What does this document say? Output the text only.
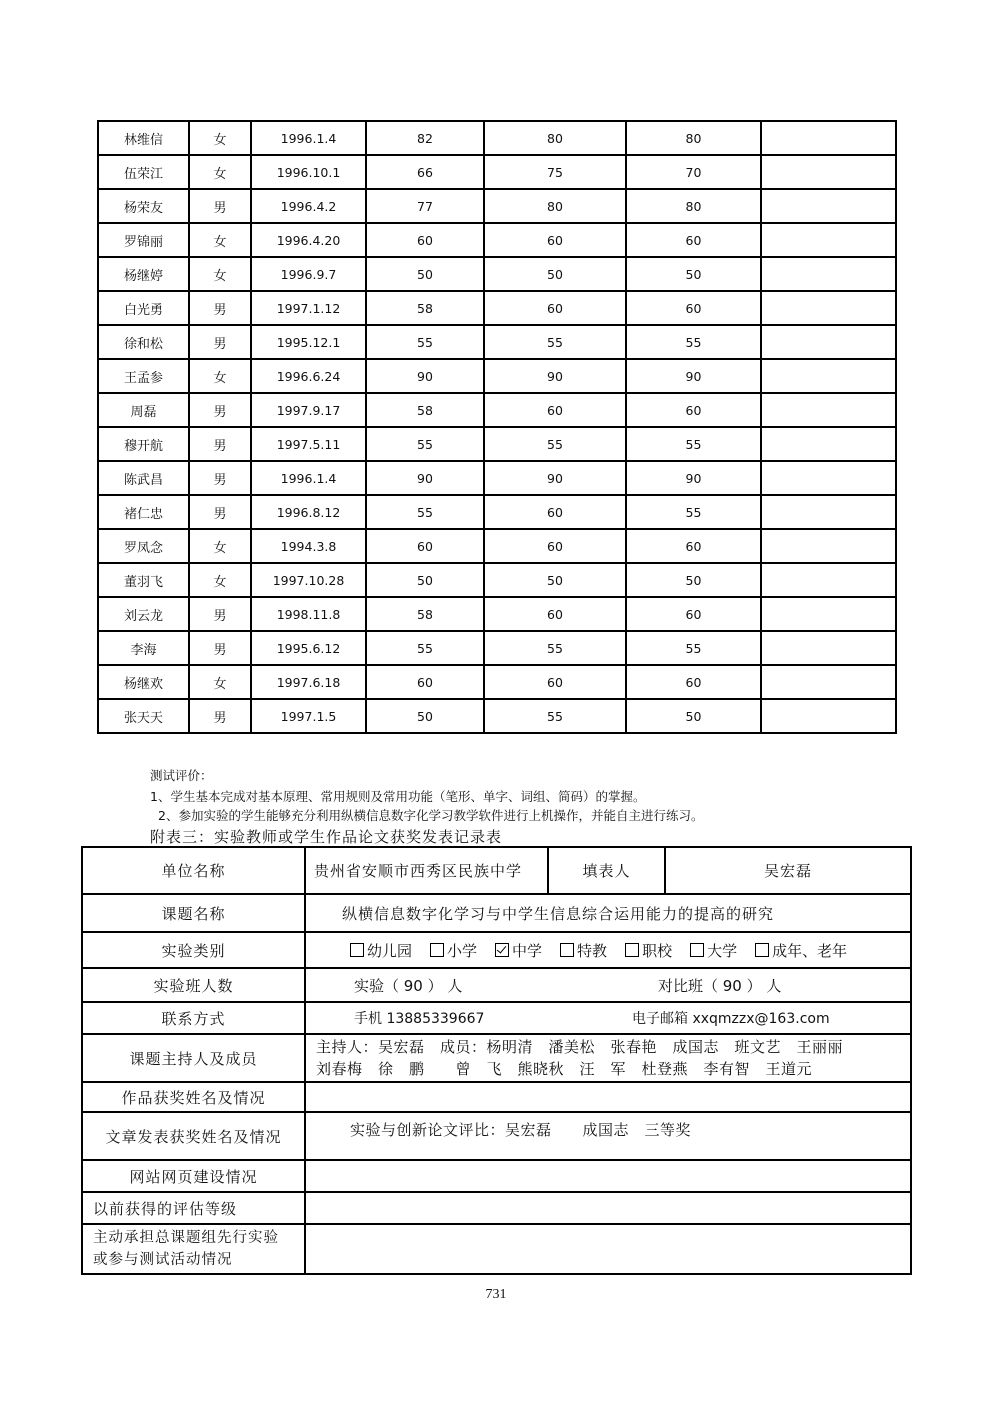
林维信	女	1996.1.4	82	80	80	
伍荣江	女	1996.10.1	66	75	70	
杨荣友	男	1996.4.2	77	80	80	
罗锦丽	女	1996.4.20	60	60	60	
杨继婷	女	1996.9.7	50	50	50	
白光勇	男	1997.1.12	58	60	60	
徐和松	男	1995.12.1	55	55	55	
王孟参	女	1996.6.24	90	90	90	
周磊	男	1997.9.17	58	60	60	
穆开航	男	1997.5.11	55	55	55	
陈武昌	男	1996.1.4	90	90	90	
褚仁忠	男	1996.8.12	55	60	55	
罗凤念	女	1994.3.8	60	60	60	
董羽飞	女	1997.10.28	50	50	50	
刘云龙	男	1998.11.8	58	60	60	
李海	男	1995.6.12	55	55	55	
杨继欢	女	1997.6.18	60	60	60	
张天天	男	1997.1.5	50	55	50	
测试评价：
1、学生基本完成对基本原理、常用规则及常用功能（笔形、单字、词组、简码）的掌握。
2、参加实验的学生能够充分利用纵横信息数字化学习教学软件进行上机操作，并能自主进行练习。
附表三：实验教师或学生作品论文获奖发表记录表
单位名称	贵州省安顺市西秀区民族中学	填表人	吴宏磊
课题名称	纵横信息数字化学习与中学生信息综合运用能力的提高的研究		
实验类别	幼儿园 小学 中学 特教 职校 大学 成年、老年		
实验班人数	实验（ 90 ） 人 对比班（ 90 ） 人		
联系方式	手机 13885339667 电子邮箱 xxqmzzx@163.com		
课题主持人及成员	主持人：吴宏磊　成员：杨明清　潘美松　张春艳　成国志　班文艺　王丽丽
刘春梅　徐　鹏　　曾　飞　熊晓秋　汪　军　杜登燕　李有智　王道元		

作品获奖姓名及情况			
文章发表获奖姓名及情况	实验与创新论文评比：吴宏磊　　成国志　三等奖		
网站网页建设情况			
以前获得的评估等级			
主动承担总课题组先行实验或参与测试活动情况			
731
